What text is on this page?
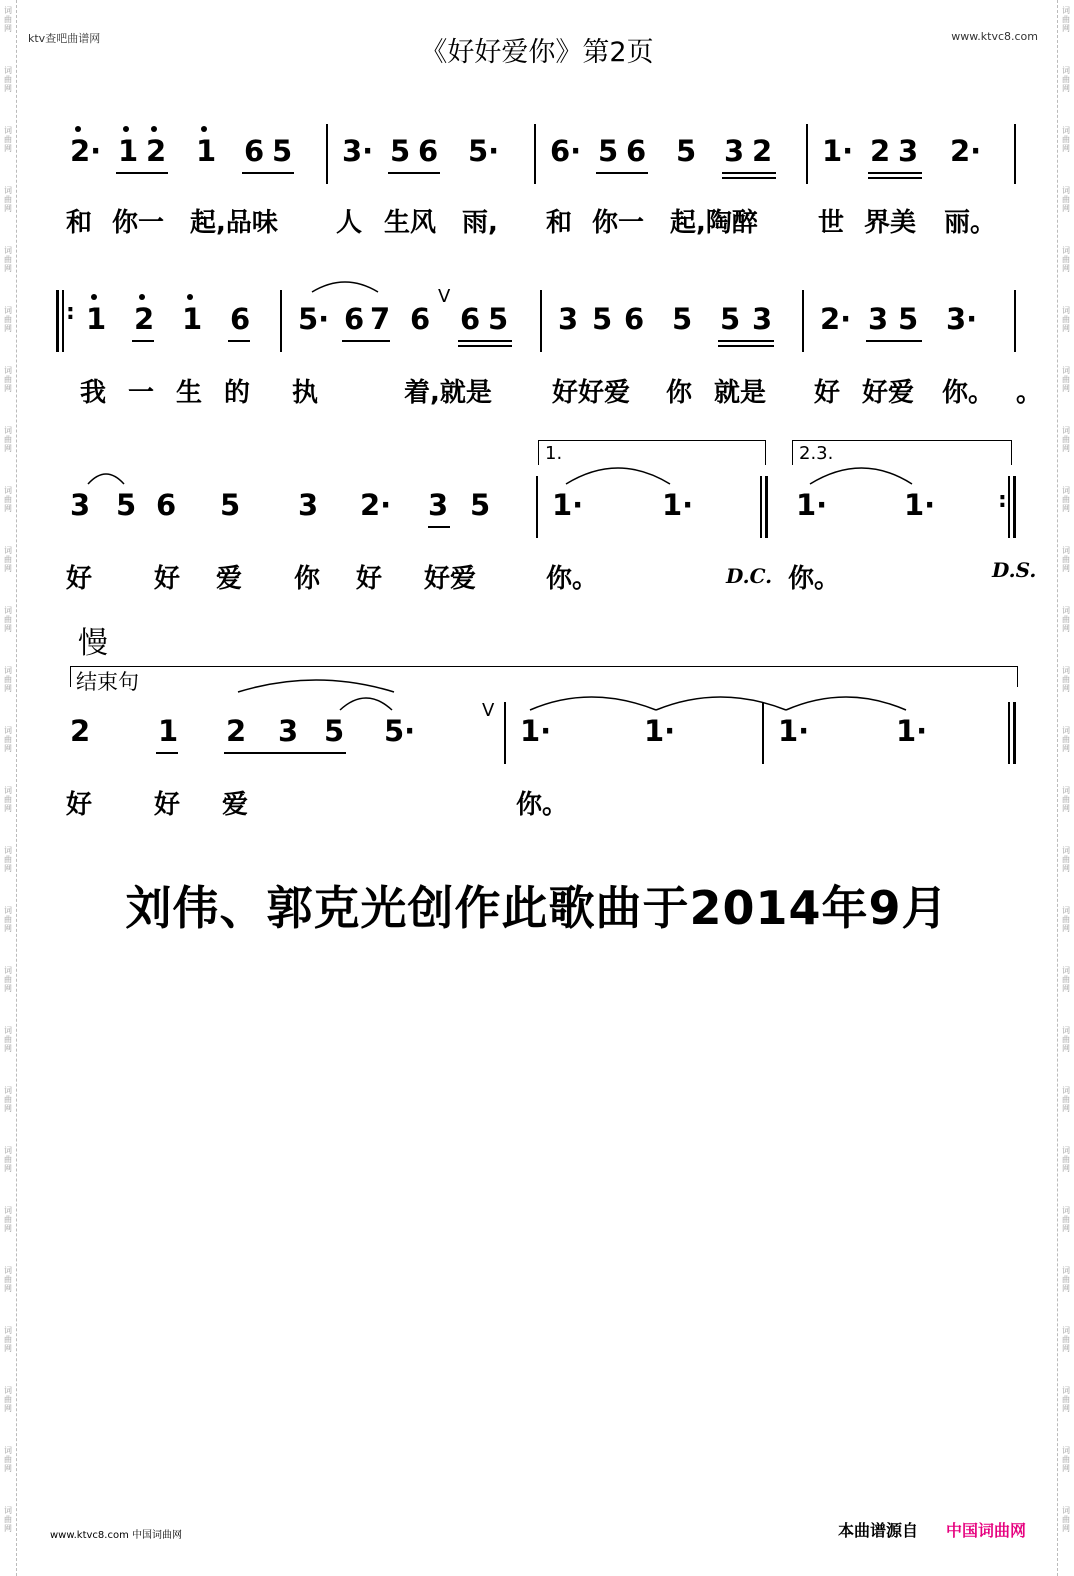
词
曲
网
词
曲
网
词
曲
网
词
曲
网
词
曲
网
词
曲
网
词
曲
网
词
曲
网
词
曲
网
词
曲
网
词
曲
网
词
曲
网
词
曲
网
词
曲
网
词
曲
网
词
曲
网
词
曲
网
词
曲
网
词
曲
网
词
曲
网
词
曲
网
词
曲
网
词
曲
网
词
曲
网
词
曲
网
词
曲
网
词
曲
网
词
曲
网
词
曲
网
词
曲
网
词
曲
网
词
曲
网
词
曲
网
词
曲
网
词
曲
网
词
曲
网
词
曲
网
词
曲
网
词
曲
网
词
曲
网
词
曲
网
词
曲
网
词
曲
网
词
曲
网
词
曲
网
词
曲
网
词
曲
网
词
曲
网
词
曲
网
词
曲
网
词
曲
网
词
曲
网
ktv查吧曲谱网	www.ktvc8.com
《好好爱你》第2页
2· 1 2 1 6 5 3· 5 6 5· 6· 5 6 5 3 2 1· 2 3 2·
和 你一 起,品味 人 生风 雨, 和 你一 起,陶醉 世 界美 丽。
: 1 2 1 6 5· 6 7 6
V
6 5 3 5 6 5 5 3 2· 3 5 3·
我 一 生 的 执	着,就是 好好爱 你 就是 好 好爱 你。 。
1.	2.3.
3 5 6 5 3 2· 3 5 1·	1·	1·	1·	:
好 好 爱 你 好 好爱	你。	D.C. 你。	D.S.
慢
结束句
2 1 2 3 5 5·
V
1·	1·	1·	1·
好 好 爱	你。
刘伟、郭克光创作此歌曲于2014年9月
www.ktvc8.com 中国词曲网	本曲谱源自 中国词曲网
